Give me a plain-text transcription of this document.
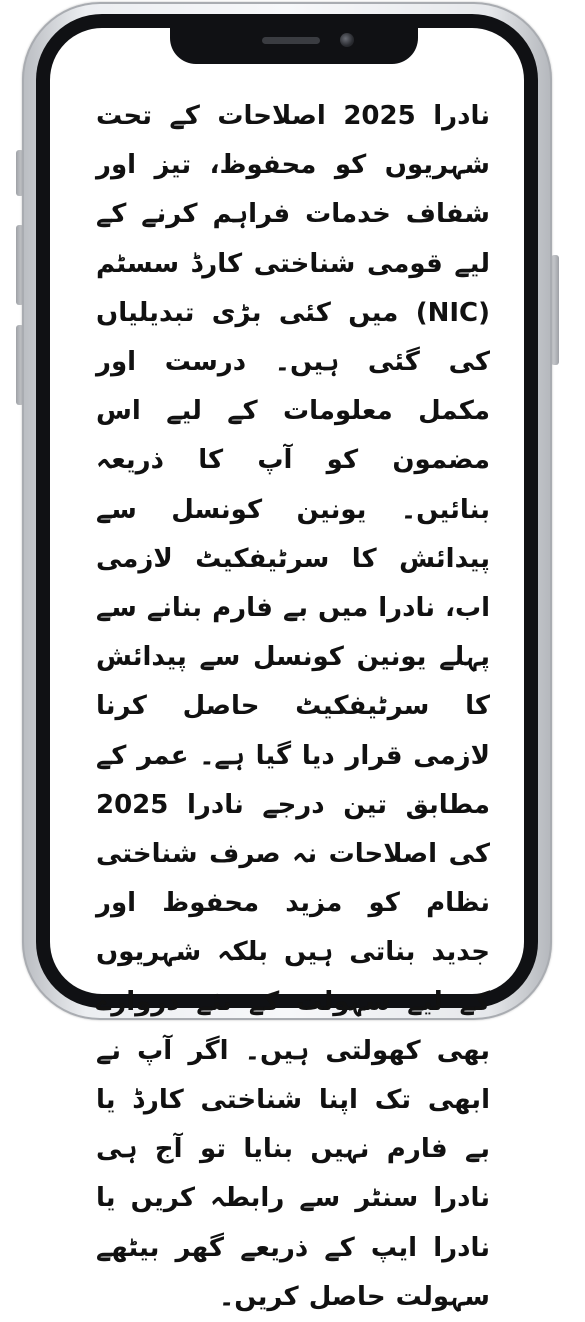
نادرا 2025 اصلاحات کے تحت شہریوں کو محفوظ، تیز اور شفاف خدمات فراہم کرنے کے لیے قومی شناختی کارڈ سسٹم (NIC) میں کئی بڑی تبدیلیاں کی گئی ہیں۔ درست اور مکمل معلومات کے لیے اس مضمون کو آپ کا ذریعہ بنائیں۔ یونین کونسل سے پیدائش کا سرٹیفکیٹ لازمی اب، نادرا میں بے فارم بنانے سے پہلے یونین کونسل سے پیدائش کا سرٹیفکیٹ حاصل کرنا لازمی قرار دیا گیا ہے۔ عمر کے مطابق تین درجے نادرا 2025 کی اصلاحات نہ صرف شناختی نظام کو مزید محفوظ اور جدید بناتی ہیں بلکہ شہریوں کے لیے سہولت کے نئے دروازے بھی کھولتی ہیں۔ اگر آپ نے ابھی تک اپنا شناختی کارڈ یا بے فارم نہیں بنایا تو آج ہی نادرا سنٹر سے رابطہ کریں یا نادرا ایپ کے ذریعے گھر بیٹھے سہولت حاصل کریں۔
